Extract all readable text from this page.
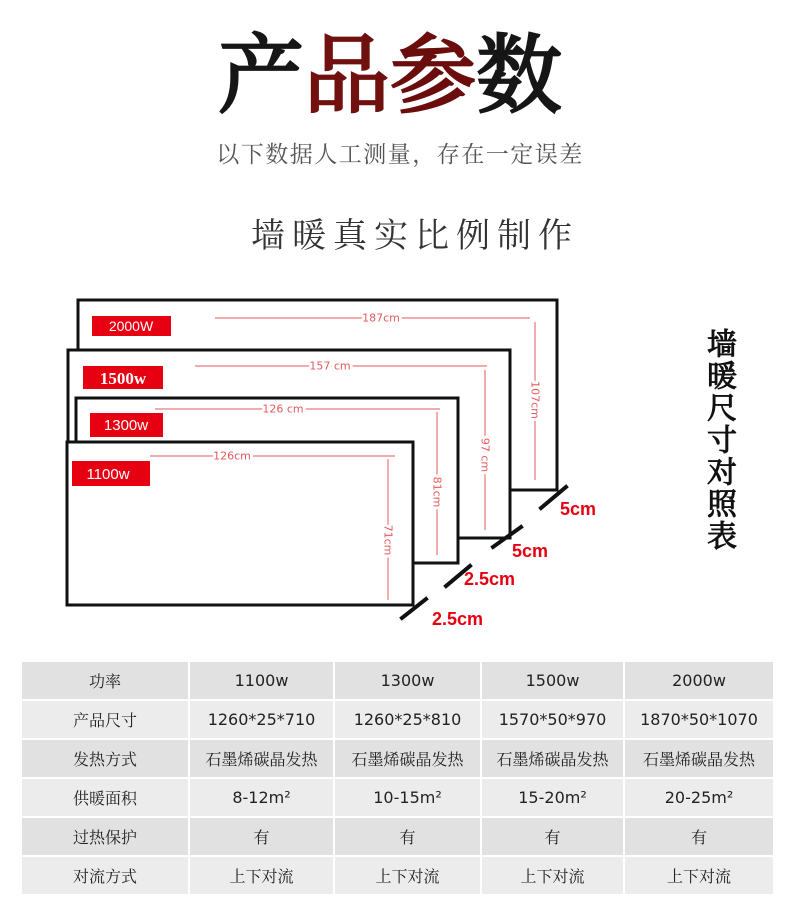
产品参数
以下数据人工测量，存在一定误差
墙暖真实比例制作
2000W	187cm
107cm
1500w
157 cm
97 cm
1300w
126 cm
81cm
1100w
126cm
71cm
5cm
5cm
2.5cm
2.5cm
墙暖尺寸对照表
功率	1100w	1300w	1500w	2000w
产品尺寸	1260*25*710	1260*25*810	1570*50*970	1870*50*1070
发热方式	石墨烯碳晶发热	石墨烯碳晶发热	石墨烯碳晶发热	石墨烯碳晶发热
供暖面积	8-12m²	10-15m²	15-20m²	20-25m²
过热保护	有	有	有	有
对流方式	上下对流	上下对流	上下对流	上下对流
